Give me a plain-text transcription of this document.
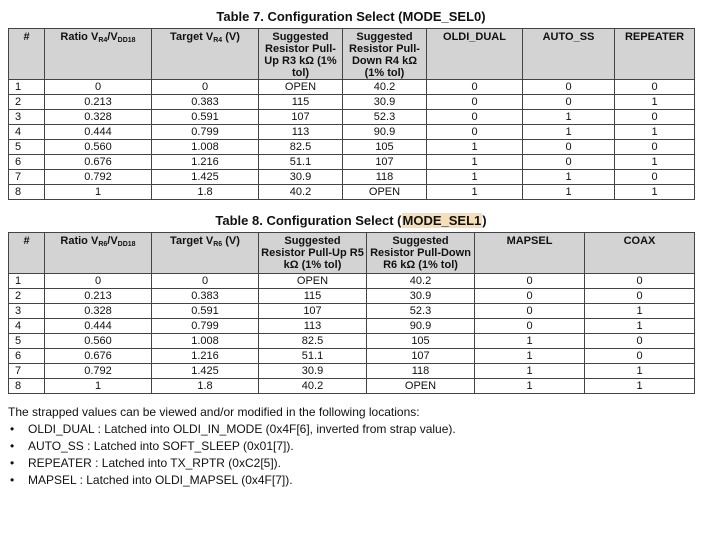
Table 7. Configuration Select (MODE_SEL0)
#	Ratio $V_{R4}/V_{DD18}$	Target $V_{R4}$ (V)	Suggested Resistor Pull-Up R3 kΩ (1% tol)	Suggested Resistor Pull-Down R4 kΩ (1% tol)	OLDI_DUAL	AUTO_SS	REPEATER
1	0	0	OPEN	40.2	0	0	0
2	0.213	0.383	115	30.9	0	0	1
3	0.328	0.591	107	52.3	0	1	0
4	0.444	0.799	113	90.9	0	1	1
5	0.560	1.008	82.5	105	1	0	0
6	0.676	1.216	51.1	107	1	0	1
7	0.792	1.425	30.9	118	1	1	0
8	1	1.8	40.2	OPEN	1	1	1
Table 8. Configuration Select (MODE_SEL1)
#	Ratio $V_{R6}/V_{DD18}$	Target $V_{R6}$ (V)	Suggested Resistor Pull-Up R5 kΩ (1% tol)	Suggested Resistor Pull-Down R6 kΩ (1% tol)	MAPSEL	COAX
1	0	0	OPEN	40.2	0	0
2	0.213	0.383	115	30.9	0	0
3	0.328	0.591	107	52.3	0	1
4	0.444	0.799	113	90.9	0	1
5	0.560	1.008	82.5	105	1	0
6	0.676	1.216	51.1	107	1	0
7	0.792	1.425	30.9	118	1	1
8	1	1.8	40.2	OPEN	1	1
The strapped values can be viewed and/or modified in the following locations:
• OLDI_DUAL : Latched into OLDI_IN_MODE (0x4F[6], inverted from strap value).
• AUTO_SS : Latched into SOFT_SLEEP (0x01[7]).
• REPEATER : Latched into TX_RPTR (0xC2[5]).
• MAPSEL : Latched into OLDI_MAPSEL (0x4F[7]).
